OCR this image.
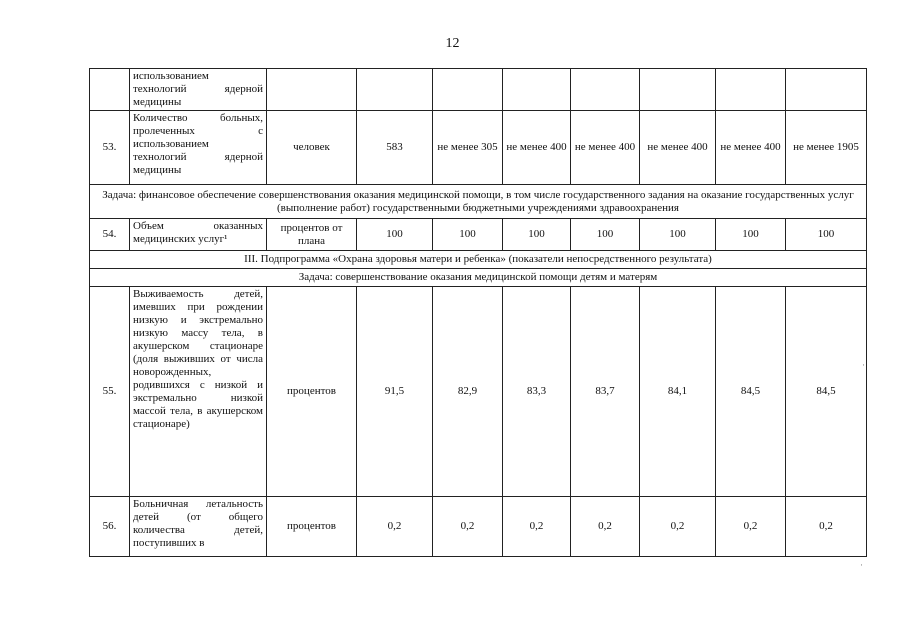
12
	использованием технологий ядерной медицины								
53.	Количество больных, пролеченных с использованием технологий ядерной медицины	человек	583	не менее 305	не менее 400	не менее 400	не менее 400	не менее 400	не менее 1905
Задача: финансовое обеспечение совершенствования оказания медицинской помощи, в том числе государственного задания на оказание государственных услуг (выполнение работ) государственными бюджетными учреждениями здравоохранения									
54.	Объем оказанных медицинских услуг¹	процентов от плана	100	100	100	100	100	100	100
III. Подпрограмма «Охрана здоровья матери и ребенка» (показатели непосредственного результата)									
Задача: совершенствование оказания медицинской помощи детям и матерям									
55.	Выживаемость детей, имевших при рождении низкую и экстремально низкую массу тела, в акушерском стационаре (доля выживших от числа новорожденных, родившихся с низкой и экстремально низкой массой тела, в акушерском стационаре)	процентов	91,5	82,9	83,3	83,7	84,1	84,5	84,5
56.	Больничная летальность детей (от общего количества детей, поступивших в	процентов	0,2	0,2	0,2	0,2	0,2	0,2	0,2
·
·
